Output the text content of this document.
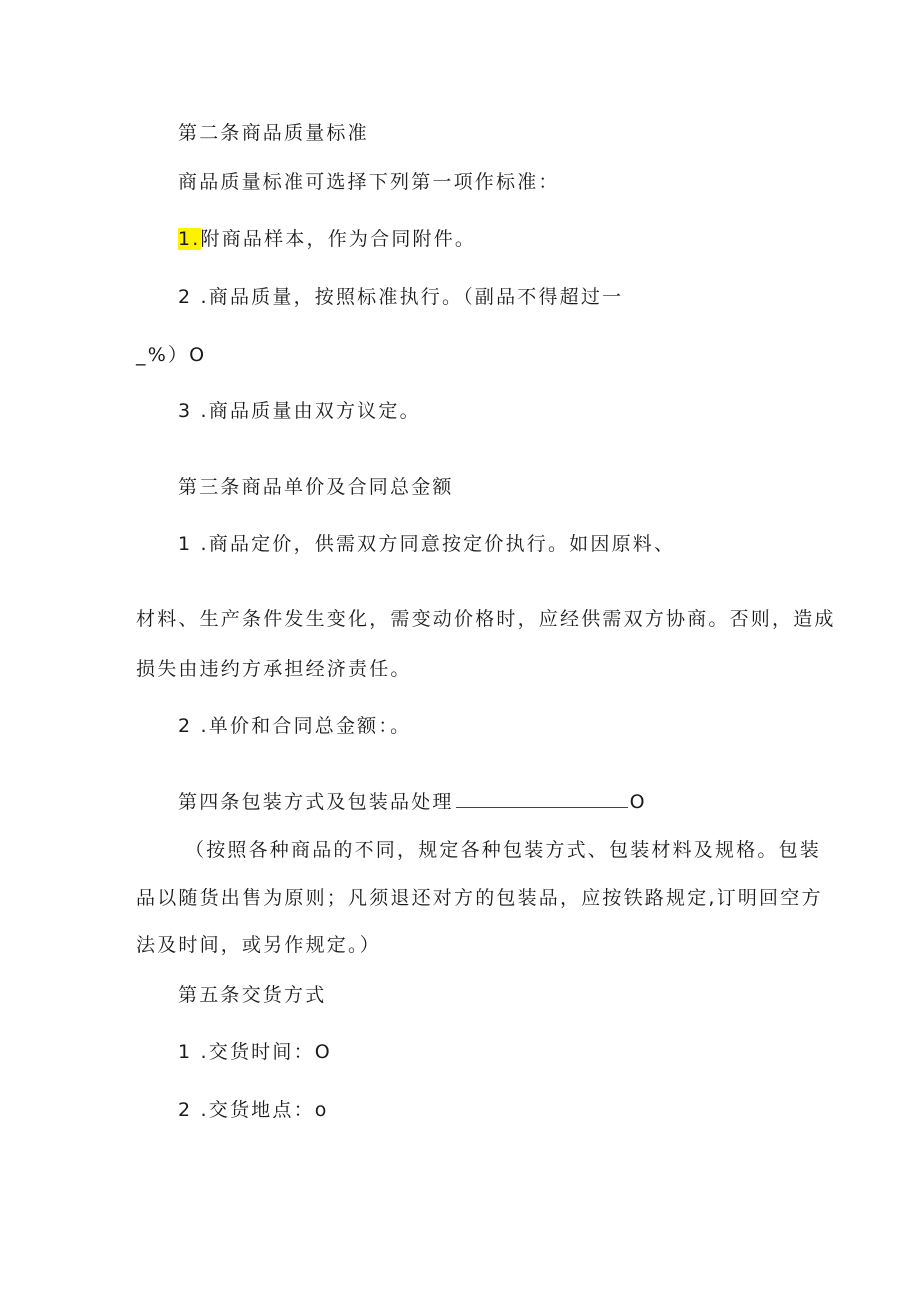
第二条商品质量标准
商品质量标准可选择下列第一项作标准：
1.附商品样本，作为合同附件。
2 .商品质量，按照标准执行。（副品不得超过一
_%）O
3 .商品质量由双方议定。
第三条商品单价及合同总金额
1 .商品定价，供需双方同意按定价执行。如因原料、
材料、生产条件发生变化，需变动价格时，应经供需双方协商。否则，造成
损失由违约方承担经济责任。
2 .单价和合同总金额：。
第四条包装方式及包装品处理	O
（按照各种商品的不同，规定各种包装方式、包装材料及规格。包装
品以随货出售为原则；凡须退还对方的包装品，应按铁路规定,订明回空方
法及时间，或另作规定。）
第五条交货方式
1 .交货时间：O
2 .交货地点：o
